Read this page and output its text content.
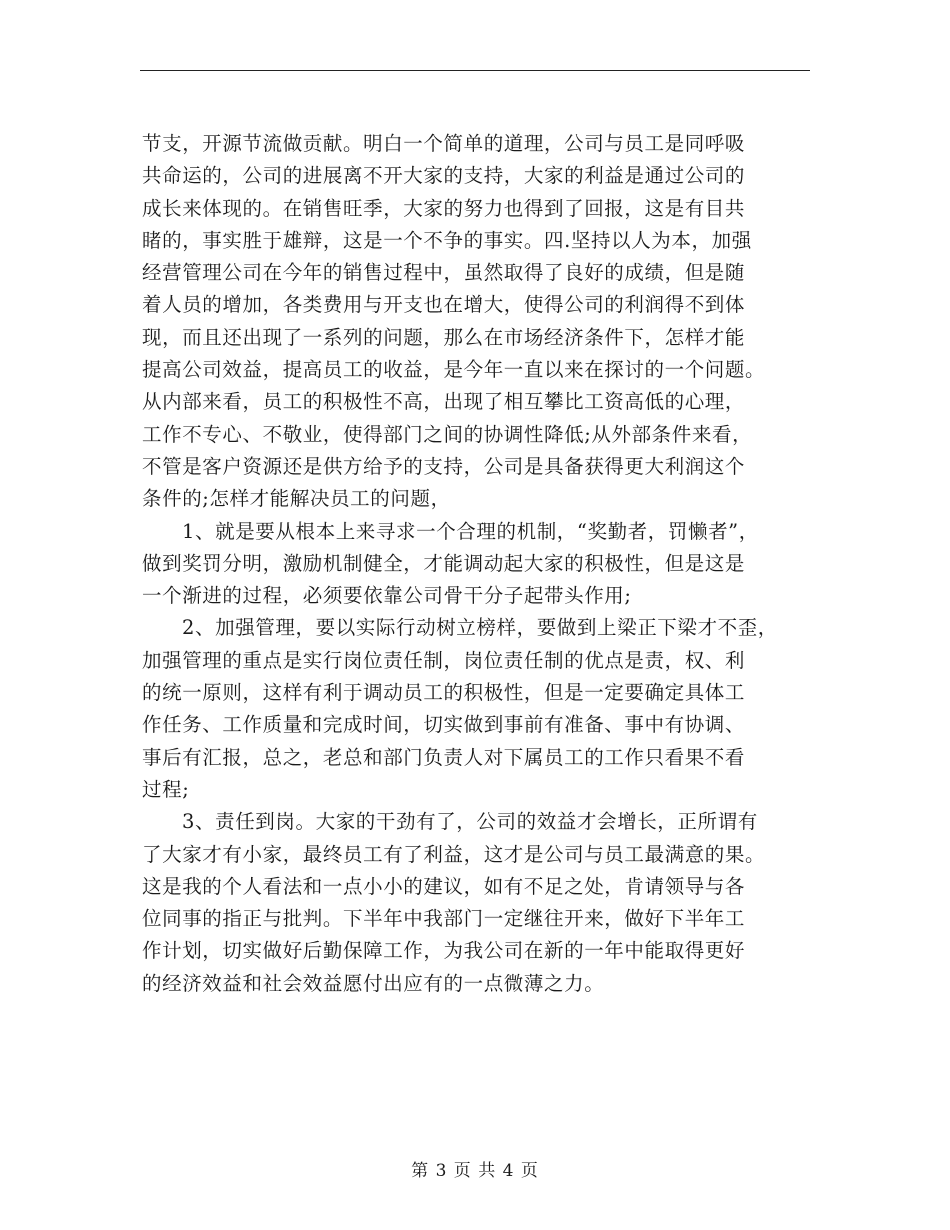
节支，开源节流做贡献。明白一个简单的道理，公司与员工是同呼吸
共命运的，公司的进展离不开大家的支持，大家的利益是通过公司的
成长来体现的。在销售旺季，大家的努力也得到了回报，这是有目共
睹的，事实胜于雄辩，这是一个不争的事实。四.坚持以人为本，加强
经营管理公司在今年的销售过程中，虽然取得了良好的成绩，但是随
着人员的增加，各类费用与开支也在增大，使得公司的利润得不到体
现，而且还出现了一系列的问题，那么在市场经济条件下，怎样才能
提高公司效益，提高员工的收益，是今年一直以来在探讨的一个问题。
从内部来看，员工的积极性不高，出现了相互攀比工资高低的心理，
工作不专心、不敬业，使得部门之间的协调性降低;从外部条件来看，
不管是客户资源还是供方给予的支持，公司是具备获得更大利润这个
条件的;怎样才能解决员工的问题，
1、就是要从根本上来寻求一个合理的机制，“奖勤者，罚懒者”，
做到奖罚分明，激励机制健全，才能调动起大家的积极性，但是这是
一个渐进的过程，必须要依靠公司骨干分子起带头作用;
2、加强管理，要以实际行动树立榜样，要做到上梁正下梁才不歪，
加强管理的重点是实行岗位责任制，岗位责任制的优点是责，权、利
的统一原则，这样有利于调动员工的积极性，但是一定要确定具体工
作任务、工作质量和完成时间，切实做到事前有准备、事中有协调、
事后有汇报，总之，老总和部门负责人对下属员工的工作只看果不看
过程;
3、责任到岗。大家的干劲有了，公司的效益才会增长，正所谓有
了大家才有小家，最终员工有了利益，这才是公司与员工最满意的果。
这是我的个人看法和一点小小的建议，如有不足之处，肯请领导与各
位同事的指正与批判。下半年中我部门一定继往开来，做好下半年工
作计划，切实做好后勤保障工作，为我公司在新的一年中能取得更好
的经济效益和社会效益愿付出应有的一点微薄之力。
第 3 页 共 4 页
